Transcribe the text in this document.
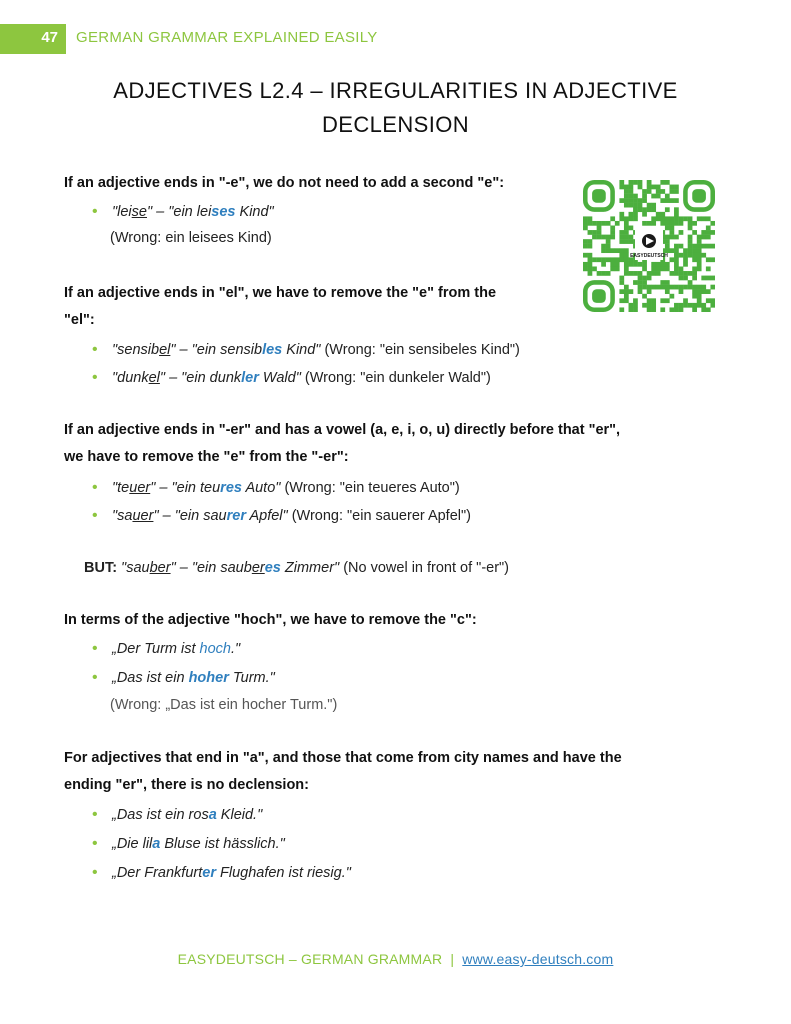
47	GERMAN GRAMMAR EXPLAINED EASILY
ADJECTIVES L2.4 – IRREGULARITIES IN ADJECTIVE
DECLENSION
EASYDEUTSCH
If an adjective ends in "-e", we do not need to add a second "e":
• "leise" – "ein leises Kind"
(Wrong: ein leisees Kind)
If an adjective ends in "el", we have to remove the "e" from the
"el":
• "sensibel" – "ein sensibles Kind" (Wrong: "ein sensibeles Kind")
• "dunkel" – "ein dunkler Wald" (Wrong: "ein dunkeler Wald")
If an adjective ends in "-er" and has a vowel (a, e, i, o, u) directly before that "er",
we have to remove the "e" from the "-er":
• "teuer" – "ein teures Auto" (Wrong: "ein teueres Auto")
• "sauer" – "ein saurer Apfel" (Wrong: "ein sauerer Apfel")
BUT: "sauber" – "ein sauberes Zimmer" (No vowel in front of "-er")
In terms of the adjective "hoch", we have to remove the "c":
• „Der Turm ist hoch."
• „Das ist ein hoher Turm."
(Wrong: „Das ist ein hocher Turm.")
For adjectives that end in "a", and those that come from city names and have the
ending "er", there is no declension:
• „Das ist ein rosa Kleid."
• „Die lila Bluse ist hässlich."
• „Der Frankfurter Flughafen ist riesig."
EASYDEUTSCH – GERMAN GRAMMAR | www.easy-deutsch.com
